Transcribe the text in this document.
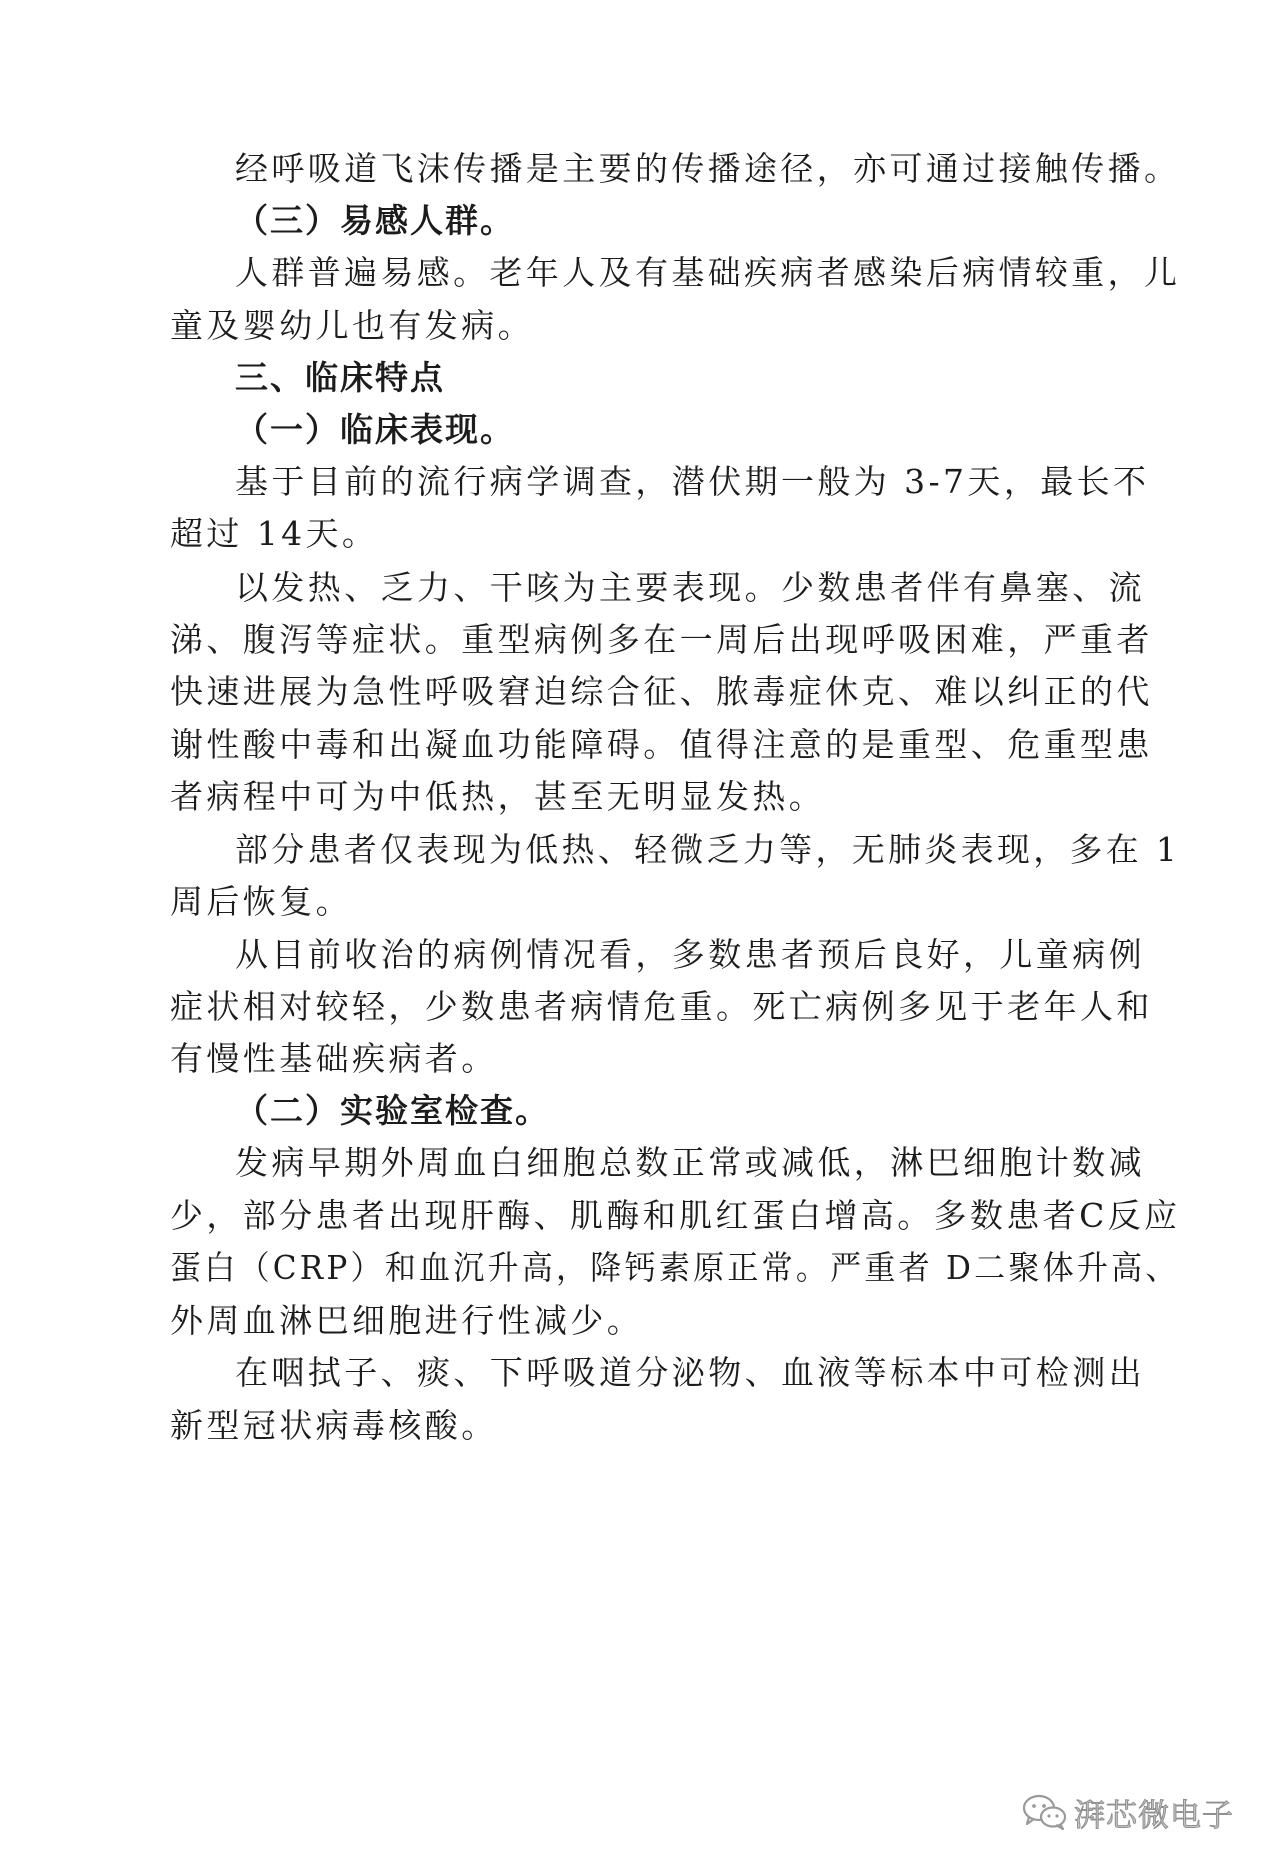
经呼吸道飞沫传播是主要的传播途径，亦可通过接触传播。
（三）易感人群。
人群普遍易感。老年人及有基础疾病者感染后病情较重，儿
童及婴幼儿也有发病。
三、临床特点
（一）临床表现。
基于目前的流行病学调查，潜伏期一般为 3-7天，最长不
超过 14天。
以发热、乏力、干咳为主要表现。少数患者伴有鼻塞、流
涕、腹泻等症状。重型病例多在一周后出现呼吸困难，严重者
快速进展为急性呼吸窘迫综合征、脓毒症休克、难以纠正的代
谢性酸中毒和出凝血功能障碍。值得注意的是重型、危重型患
者病程中可为中低热，甚至无明显发热。
部分患者仅表现为低热、轻微乏力等，无肺炎表现，多在 1
周后恢复。
从目前收治的病例情况看，多数患者预后良好，儿童病例
症状相对较轻，少数患者病情危重。死亡病例多见于老年人和
有慢性基础疾病者。
（二）实验室检查。
发病早期外周血白细胞总数正常或减低，淋巴细胞计数减
少，部分患者出现肝酶、肌酶和肌红蛋白增高。多数患者C反应
蛋白（CRP）和血沉升高，降钙素原正常。严重者 D二聚体升高、
外周血淋巴细胞进行性减少。
在咽拭子、痰、下呼吸道分泌物、血液等标本中可检测出
新型冠状病毒核酸。
湃芯微电子
